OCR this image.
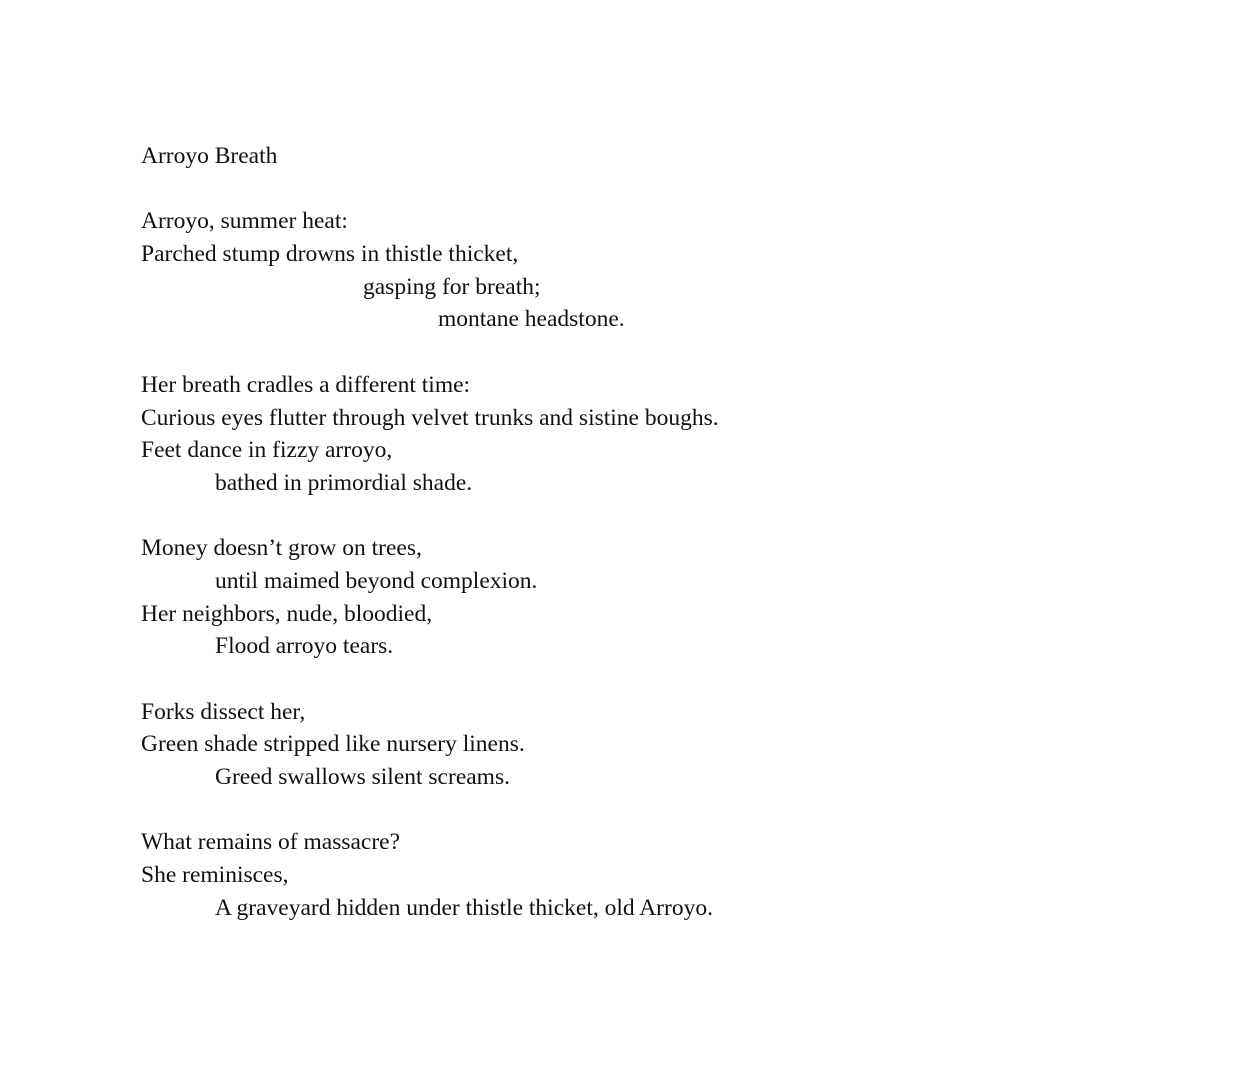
Arroyo Breath
Arroyo, summer heat:
Parched stump drowns in thistle thicket,
gasping for breath;
montane headstone.
Her breath cradles a different time:
Curious eyes flutter through velvet trunks and sistine boughs.
Feet dance in fizzy arroyo,
bathed in primordial shade.
Money doesn’t grow on trees,
until maimed beyond complexion.
Her neighbors, nude, bloodied,
Flood arroyo tears.
Forks dissect her,
Green shade stripped like nursery linens.
Greed swallows silent screams.
What remains of massacre?
She reminisces,
A graveyard hidden under thistle thicket, old Arroyo.
